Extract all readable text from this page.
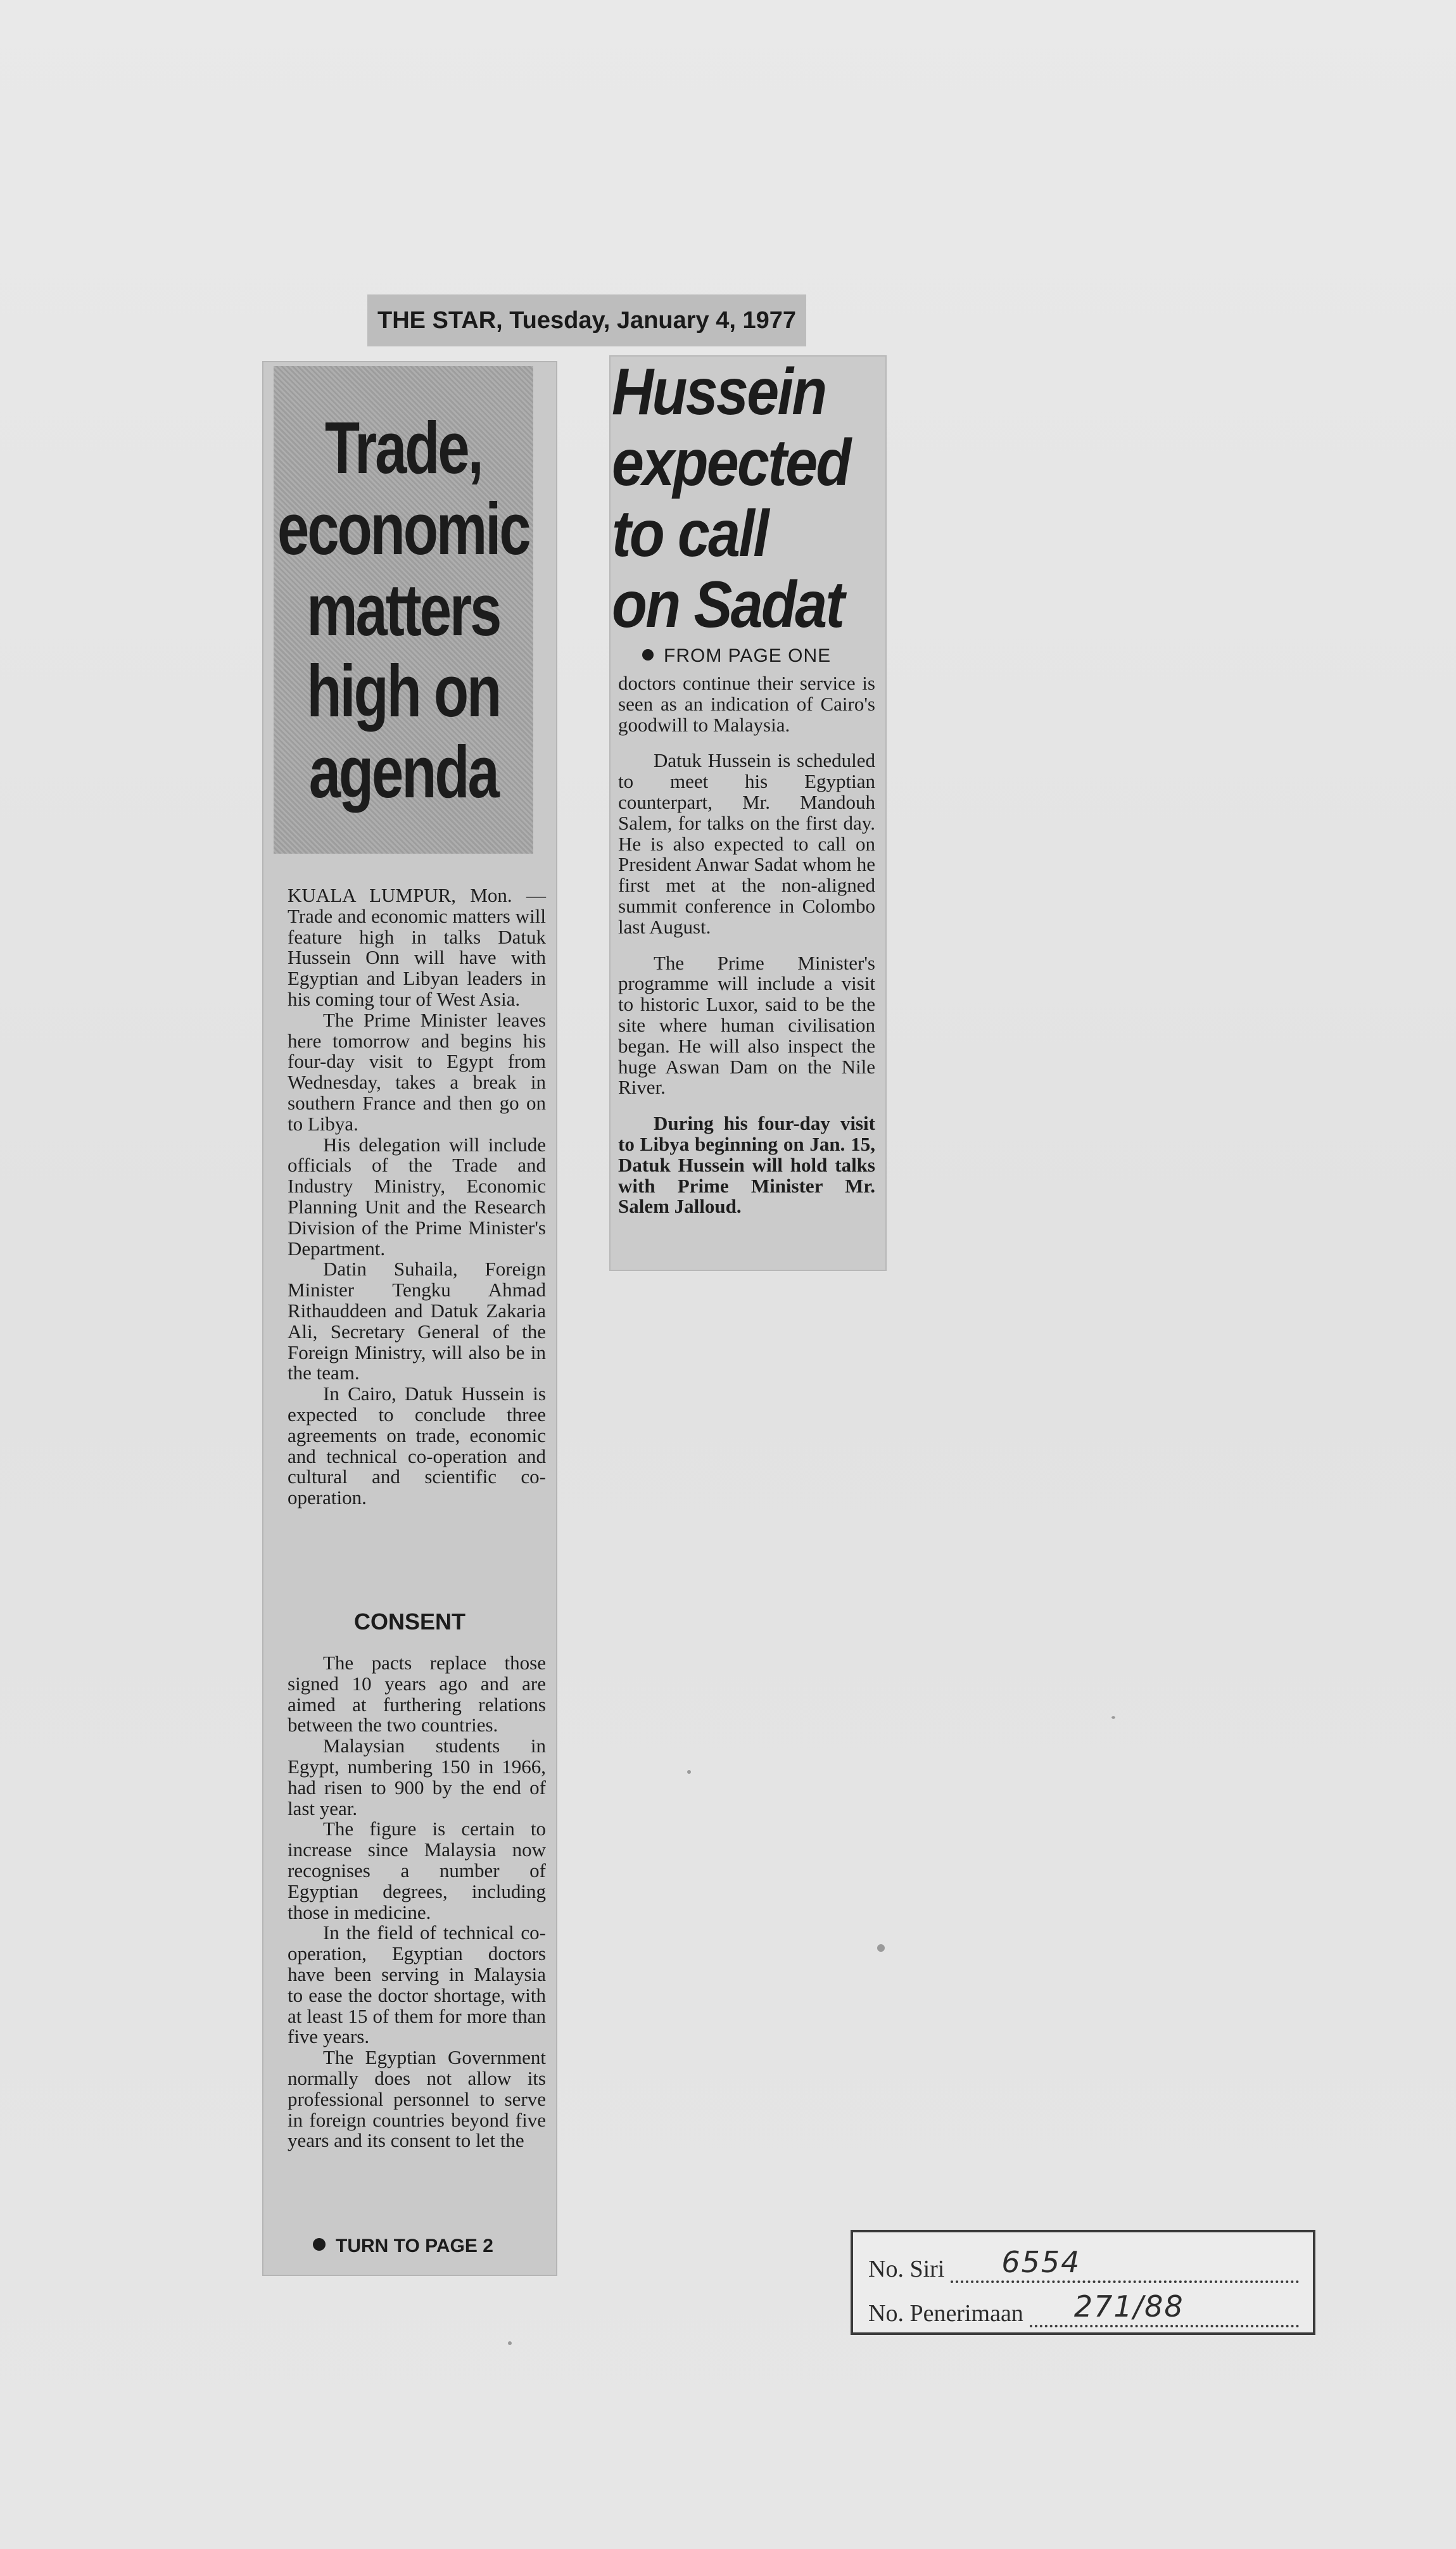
THE STAR, Tuesday, January 4, 1977
Trade,
economic
matters
high on
agenda

KUALA LUMPUR, Mon. — Trade and economic matters will feature high in talks Datuk Hussein Onn will have with Egyptian and Libyan leaders in his coming tour of West Asia.

The Prime Minister leaves here tomorrow and begins his four-day visit to Egypt from Wednesday, takes a break in southern France and then go on to Libya.

His delegation will include officials of the Trade and Industry Ministry, Economic Planning Unit and the Research Division of the Prime Minister's Department.

Datin Suhaila, Foreign Minister Tengku Ahmad Rithauddeen and Datuk Zakaria Ali, Secretary General of the Foreign Ministry, will also be in the team.

In Cairo, Datuk Hussein is expected to conclude three agreements on trade, economic and technical co-operation and cultural and scientific co-operation.

CONSENT

The pacts replace those signed 10 years ago and are aimed at furthering relations between the two countries.

Malaysian students in Egypt, numbering 150 in 1966, had risen to 900 by the end of last year.

The figure is certain to increase since Malaysia now recognises a number of Egyptian degrees, including those in medicine.

In the field of technical co-operation, Egyptian doctors have been serving in Malaysia to ease the doctor shortage, with at least 15 of them for more than five years.

The Egyptian Government normally does not allow its professional personnel to serve in foreign countries beyond five years and its consent to let the

TURN TO PAGE 2
Hussein
expected
to call
on Sadat
FROM PAGE ONE

doctors continue their service is seen as an indication of Cairo's goodwill to Malaysia.

Datuk Hussein is scheduled to meet his Egyptian counterpart, Mr. Mandouh Salem, for talks on the first day. He is also expected to call on President Anwar Sadat whom he first met at the non-aligned summit conference in Colombo last August.

The Prime Minister's programme will include a visit to historic Luxor, said to be the site where human civilisation began. He will also inspect the huge Aswan Dam on the Nile River.

During his four-day visit to Libya beginning on Jan. 15, Datuk Hussein will hold talks with Prime Minister Mr. Salem Jalloud.

No. Siri 6554
No. Penerimaan 271/88
